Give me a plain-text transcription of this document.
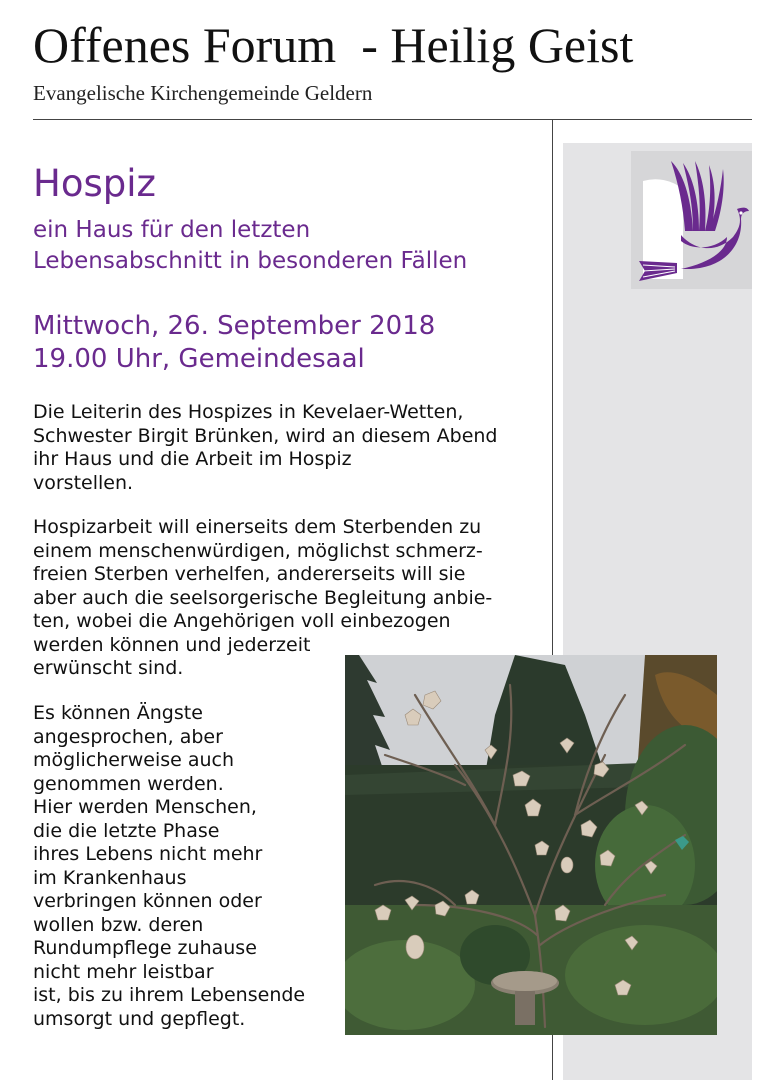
Offenes Forum  - Heilig Geist
Evangelische Kirchengemeinde Geldern
Hospiz
ein Haus für den letzten
Lebensabschnitt in besonderen Fällen
Mittwoch, 26. September 2018
19.00 Uhr, Gemeindesaal
Die Leiterin des Hospizes in Kevelaer-Wetten,
Schwester Birgit Brünken, wird an diesem Abend
ihr Haus und die Arbeit im Hospiz
vorstellen.
Hospizarbeit will einerseits dem Sterbenden zu
einem menschenwürdigen, möglichst schmerz-
freien Sterben verhelfen, andererseits will sie
aber auch die seelsorgerische Begleitung anbie-
ten, wobei die Angehörigen voll einbezogen
werden können und jederzeit
erwünscht sind.
Es können Ängste
angesprochen, aber
möglicherweise auch
genommen werden.
Hier werden Menschen,
die die letzte Phase
ihres Lebens nicht mehr
im Krankenhaus
verbringen können oder
wollen bzw. deren
Rundumpflege zuhause
nicht mehr leistbar
ist, bis zu ihrem Lebensende
umsorgt und gepflegt.
